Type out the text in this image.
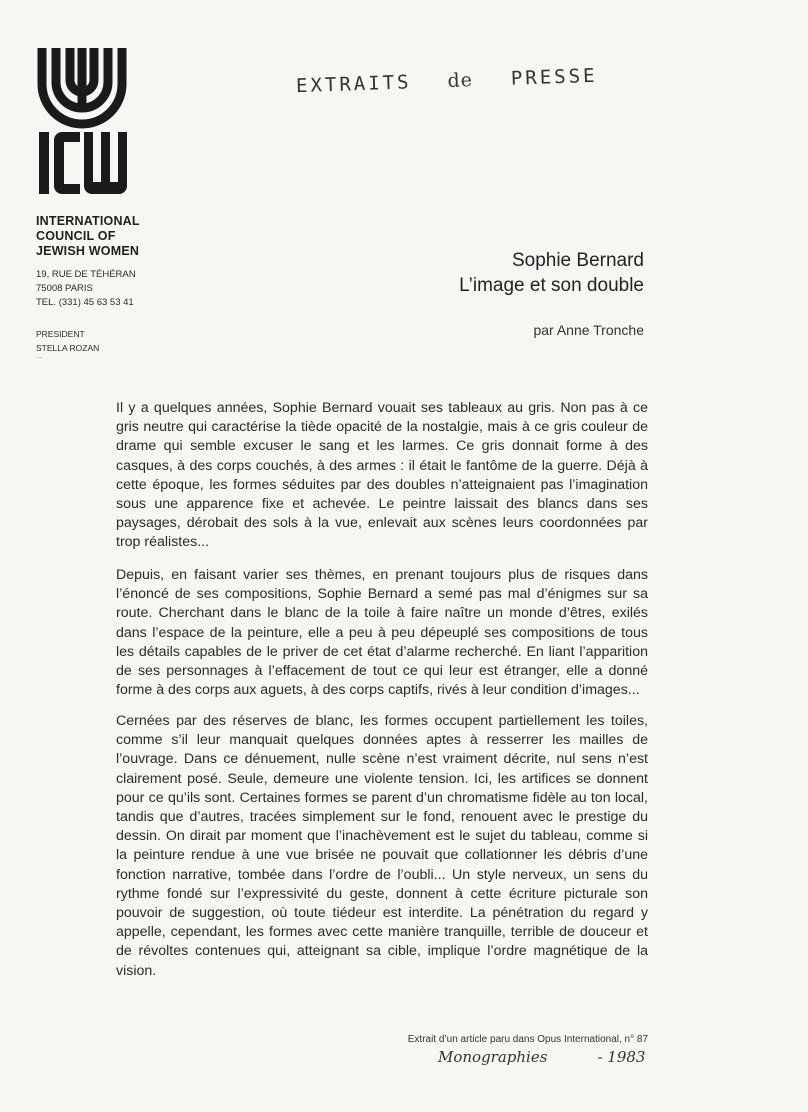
INTERNATIONAL
COUNCIL OF
JEWISH WOMEN
19, RUE DE TÉHÉRAN
75008 PARIS
TEL. (331) 45 63 53 41
PRESIDENT
STELLA ROZAN
··
EXTRAITS de PRESSE
Sophie Bernard
L’image et son double
par Anne Tronche
Il y a quelques années, Sophie Bernard vouait ses tableaux au gris. Non pas à ce gris neutre qui caractérise la tiède opacité de la nostalgie, mais à ce gris couleur de drame qui semble excuser le sang et les larmes. Ce gris donnait forme à des casques, à des corps couchés, à des armes : il était le fantôme de la guerre. Déjà à cette époque, les formes séduites par des doubles n’atteignaient pas l’imagination sous une apparence fixe et achevée. Le peintre laissait des blancs dans ses paysages, dérobait des sols à la vue, enlevait aux scènes leurs coordonnées par trop réalistes...
Depuis, en faisant varier ses thèmes, en prenant toujours plus de risques dans l’énoncé de ses compositions, Sophie Bernard a semé pas mal d’énigmes sur sa route. Cherchant dans le blanc de la toile à faire naître un monde d’êtres, exilés dans l’espace de la peinture, elle a peu à peu dépeuplé ses compositions de tous les détails capables de le priver de cet état d’alarme recherché. En liant l’apparition de ses personnages à l’effacement de tout ce qui leur est étranger, elle a donné forme à des corps aux aguets, à des corps captifs, rivés à leur condition d’images...
Cernées par des réserves de blanc, les formes occupent partiellement les toiles, comme s’il leur manquait quelques données aptes à resserrer les mailles de l’ouvrage. Dans ce dénuement, nulle scène n’est vraiment décrite, nul sens n’est clairement posé. Seule, demeure une violente tension. Ici, les artifices se donnent pour ce qu’ils sont. Certaines formes se parent d’un chromatisme fidèle au ton local, tandis que d’autres, tracées simplement sur le fond, renouent avec le prestige du dessin. On dirait par moment que l’inachèvement est le sujet du tableau, comme si la peinture rendue à une vue brisée ne pouvait que collationner les débris d’une fonction narrative, tombée dans l’ordre de l’oubli... Un style nerveux, un sens du rythme fondé sur l’expressivité du geste, donnent à cette écriture picturale son pouvoir de suggestion, où toute tiédeur est interdite. La pénétration du regard y appelle, cependant, les formes avec cette manière tranquille, terrible de douceur et de révoltes contenues qui, atteignant sa cible, implique l’ordre magnétique de la vision.
Extrait d’un article paru dans Opus International, n° 87
Monographies	- 1983
